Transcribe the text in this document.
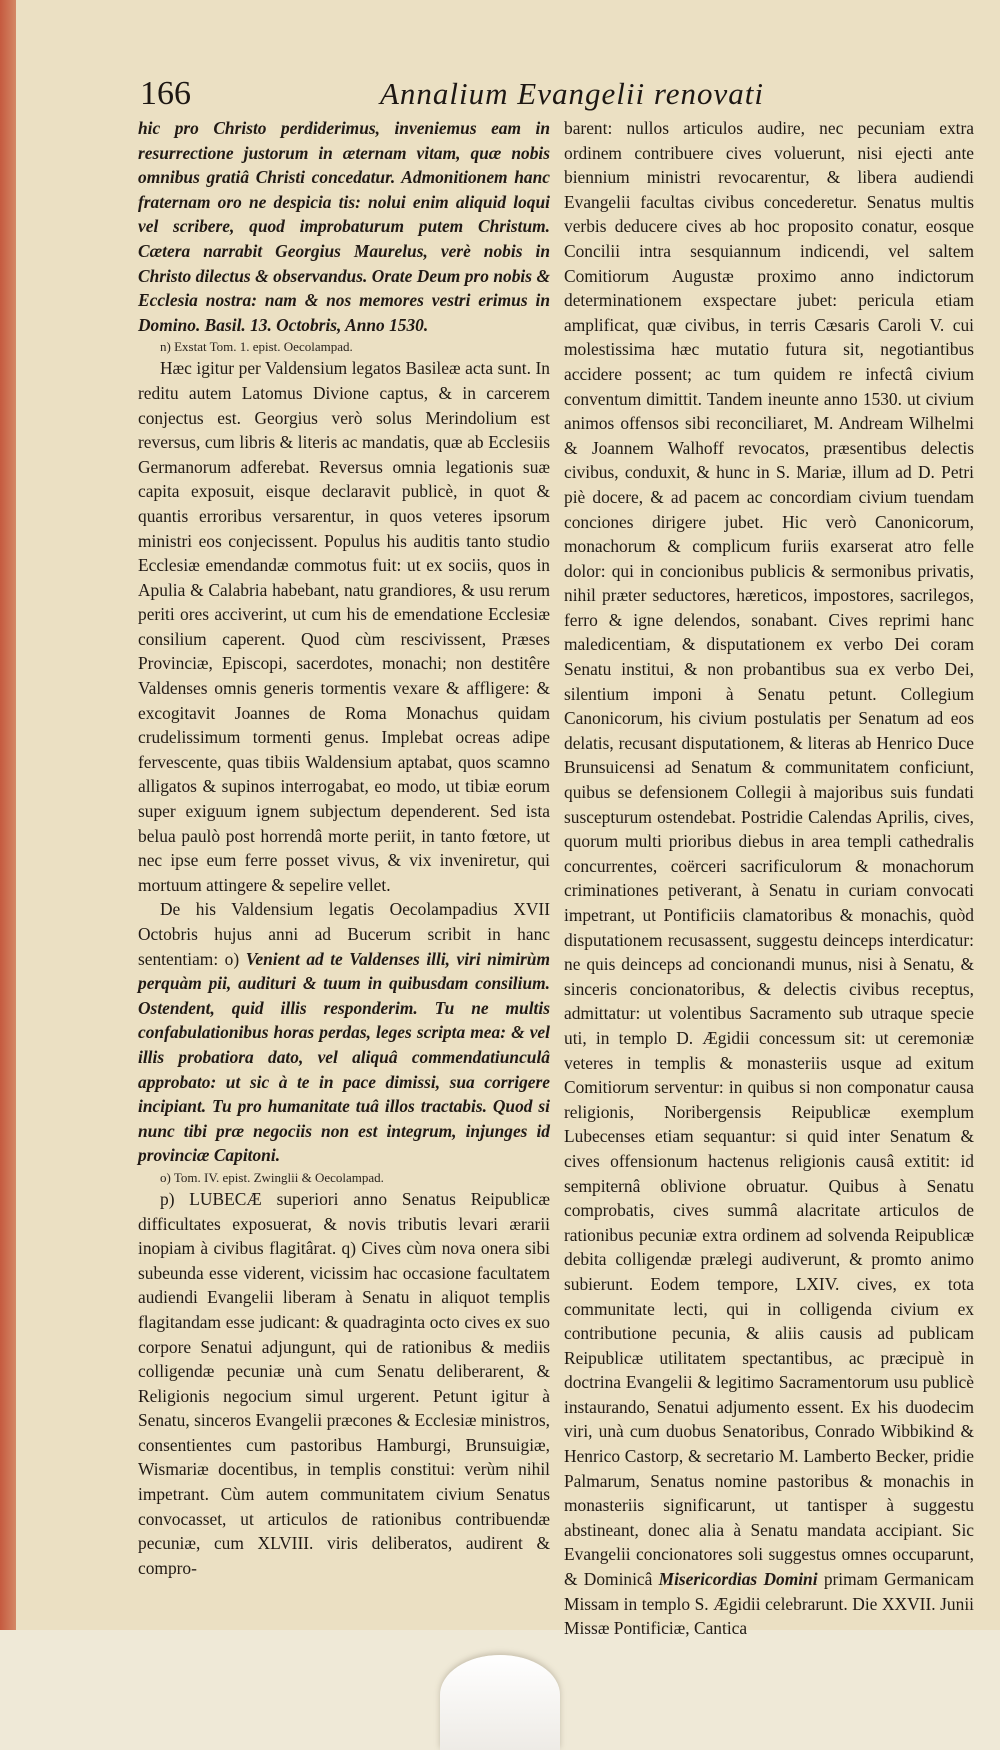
166	Annalium Evangelii renovati

hic pro Christo perdiderimus, inveniemus eam in resurrectione justorum in æternam vitam, quæ nobis omnibus gratiâ Christi concedatur. Admonitionem hanc fraternam oro ne despicia tis: nolui enim aliquid loqui vel scribere, quod improbaturum putem Christum. Cætera narrabit Georgius Maurelus, verè nobis in Christo dilectus & observandus. Orate Deum pro nobis & Ecclesia nostra: nam & nos memores vestri erimus in Domino. Basil. 13. Octobris, Anno 1530.

n) Exstat Tom. 1. epist. Oecolampad.

Hæc igitur per Valdensium legatos Basileæ acta sunt. In reditu autem Latomus Divione captus, & in carcerem conjectus est. Georgius verò solus Merindolium est reversus, cum libris & literis ac mandatis, quæ ab Ecclesiis Germanorum adferebat. Reversus omnia legationis suæ capita exposuit, eisque declaravit publicè, in quot & quantis erroribus versarentur, in quos veteres ipsorum ministri eos conjecissent. Populus his auditis tanto studio Ecclesiæ emendandæ commotus fuit: ut ex sociis, quos in Apulia & Calabria habebant, natu grandiores, & usu rerum periti ores acciverint, ut cum his de emendatione Ecclesiæ consilium caperent. Quod cùm rescivissent, Præses Provinciæ, Episcopi, sacerdotes, monachi; non destitêre Valdenses omnis generis tormentis vexare & affligere: & excogitavit Joannes de Roma Monachus quidam crudelissimum tormenti genus. Implebat ocreas adipe fervescente, quas tibiis Waldensium aptabat, quos scamno alligatos & supinos interrogabat, eo modo, ut tibiæ eorum super exiguum ignem subjectum dependerent. Sed ista belua paulò post horrendâ morte periit, in tanto fœtore, ut nec ipse eum ferre posset vivus, & vix inveniretur, qui mortuum attingere & sepelire vellet.

De his Valdensium legatis Oecolampadius XVII Octobris hujus anni ad Bucerum scribit in hanc sententiam: o) Venient ad te Valdenses illi, viri nimirùm perquàm pii, audituri & tuum in quibusdam consilium. Ostendent, quid illis responderim. Tu ne multis confabulationibus horas perdas, leges scripta mea: & vel illis probatiora dato, vel aliquâ commendatiunculâ approbato: ut sic à te in pace dimissi, sua corrigere incipiant. Tu pro humanitate tuâ illos tractabis. Quod si nunc tibi præ negociis non est integrum, injunges id provinciæ Capitoni.

o) Tom. IV. epist. Zwinglii & Oecolampad.

p) LUBECÆ superiori anno Senatus Reipublicæ difficultates exposuerat, & novis tributis levari ærarii inopiam à civibus flagitârat. q) Cives cùm nova onera sibi subeunda esse viderent, vicissim hac occasione facultatem audiendi Evangelii liberam à Senatu in aliquot templis flagitandam esse judicant: & quadraginta octo cives ex suo corpore Senatui adjungunt, qui de rationibus & mediis colligendæ pecuniæ unà cum Senatu deliberarent, & Religionis negocium simul urgerent. Petunt igitur à Senatu, sinceros Evangelii præcones & Ecclesiæ ministros, consentientes cum pastoribus Hamburgi, Brunsuigiæ, Wismariæ docentibus, in templis constitui: verùm nihil impetrant. Cùm autem communitatem civium Senatus convocasset, ut articulos de rationibus contribuendæ pecuniæ, cum XLVIII. viris deliberatos, audirent & compro-

barent: nullos articulos audire, nec pecuniam extra ordinem contribuere cives voluerunt, nisi ejecti ante biennium ministri revocarentur, & libera audiendi Evangelii facultas civibus concederetur. Senatus multis verbis deducere cives ab hoc proposito conatur, eosque Concilii intra sesquiannum indicendi, vel saltem Comitiorum Augustæ proximo anno indictorum determinationem exspectare jubet: pericula etiam amplificat, quæ civibus, in terris Cæsaris Caroli V. cui molestissima hæc mutatio futura sit, negotiantibus accidere possent; ac tum quidem re infectâ civium conventum dimittit. Tandem ineunte anno 1530. ut civium animos offensos sibi reconciliaret, M. Andream Wilhelmi & Joannem Walhoff revocatos, præsentibus delectis civibus, conduxit, & hunc in S. Mariæ, illum ad D. Petri piè docere, & ad pacem ac concordiam civium tuendam conciones dirigere jubet. Hic verò Canonicorum, monachorum & complicum furiis exarserat atro felle dolor: qui in concionibus publicis & sermonibus privatis, nihil præter seductores, hæreticos, impostores, sacrilegos, ferro & igne delendos, sonabant. Cives reprimi hanc maledicentiam, & disputationem ex verbo Dei coram Senatu institui, & non probantibus sua ex verbo Dei, silentium imponi à Senatu petunt. Collegium Canonicorum, his civium postulatis per Senatum ad eos delatis, recusant disputationem, & literas ab Henrico Duce Brunsuicensi ad Senatum & communitatem conficiunt, quibus se defensionem Collegii à majoribus suis fundati suscepturum ostendebat. Postridie Calendas Aprilis, cives, quorum multi prioribus diebus in area templi cathedralis concurrentes, coërceri sacrificulorum & monachorum criminationes petiverant, à Senatu in curiam convocati impetrant, ut Pontificiis clamatoribus & monachis, quòd disputationem recusassent, suggestu deinceps interdicatur: ne quis deinceps ad concionandi munus, nisi à Senatu, & sinceris concionatoribus, & delectis civibus receptus, admittatur: ut volentibus Sacramento sub utraque specie uti, in templo D. Ægidii concessum sit: ut ceremoniæ veteres in templis & monasteriis usque ad exitum Comitiorum serventur: in quibus si non componatur causa religionis, Noribergensis Reipublicæ exemplum Lubecenses etiam sequantur: si quid inter Senatum & cives offensionum hactenus religionis causâ extitit: id sempiternâ oblivione obruatur. Quibus à Senatu comprobatis, cives summâ alacritate articulos de rationibus pecuniæ extra ordinem ad solvenda Reipublicæ debita colligendæ prælegi audiverunt, & promto animo subierunt. Eodem tempore, LXIV. cives, ex tota communitate lecti, qui in colligenda civium ex contributione pecunia, & aliis causis ad publicam Reipublicæ utilitatem spectantibus, ac præcipuè in doctrina Evangelii & legitimo Sacramentorum usu publicè instaurando, Senatui adjumento essent. Ex his duodecim viri, unà cum duobus Senatoribus, Conrado Wibbikind & Henrico Castorp, & secretario M. Lamberto Becker, pridie Palmarum, Senatus nomine pastoribus & monachis in monasteriis significarunt, ut tantisper à suggestu abstineant, donec alia à Senatu mandata accipiant. Sic Evangelii concionatores soli suggestus omnes occuparunt, & Dominicâ Misericordias Domini primam Germanicam Missam in templo S. Ægidii celebrarunt. Die XXVII. Junii Missæ Pontificiæ, Cantica
